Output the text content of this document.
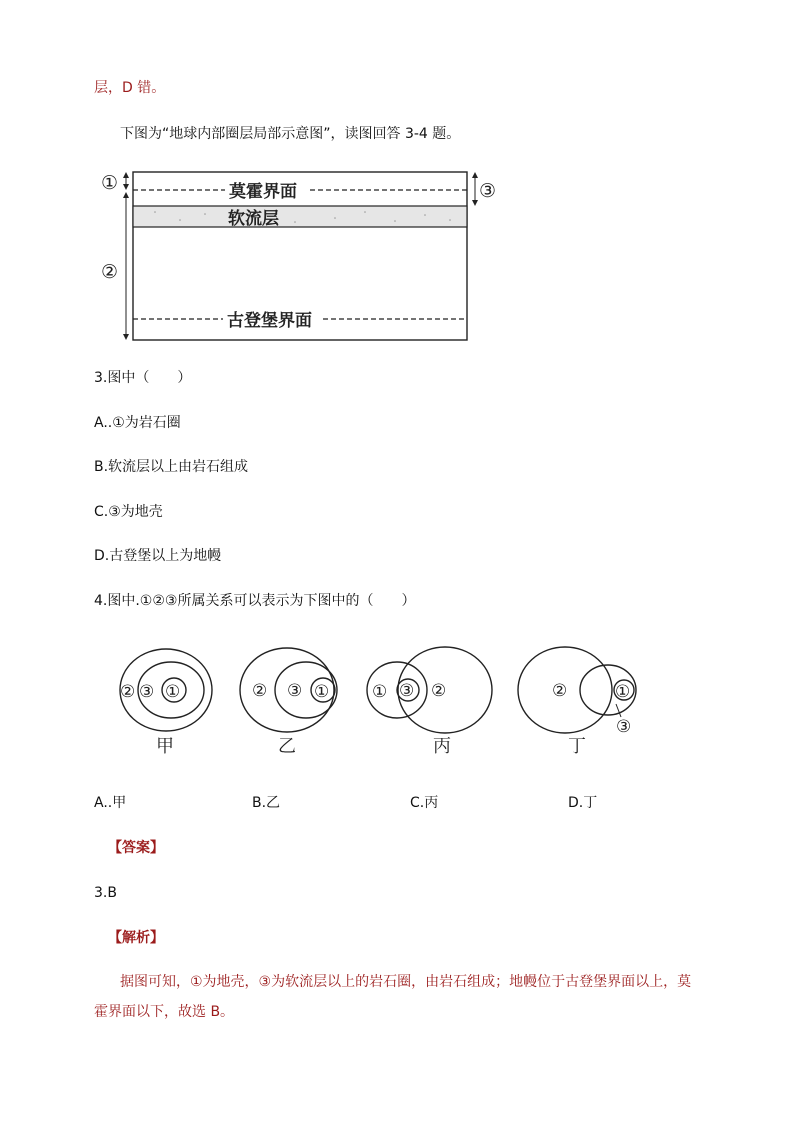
层，D 错。
下图为“地球内部圈层局部示意图”，读图回答 3-4 题。
①
②
③
莫霍界面
软流层
古登堡界面
3.图中（　　）
A..①为岩石圈
B.软流层以上由岩石组成
C.③为地壳
D.古登堡以上为地幔
4.图中.①②③所属关系可以表示为下图中的（　　）
② ③ ①	② ③ ①	① ③ ②	②	①
③
甲	乙	丙	丁
A..甲	B.乙	C.丙	D.丁
【答案】
3.B
【解析】
据图可知，①为地壳，③为软流层以上的岩石圈，由岩石组成；地幔位于古登堡界面以上，莫
霍界面以下，故选 B。
